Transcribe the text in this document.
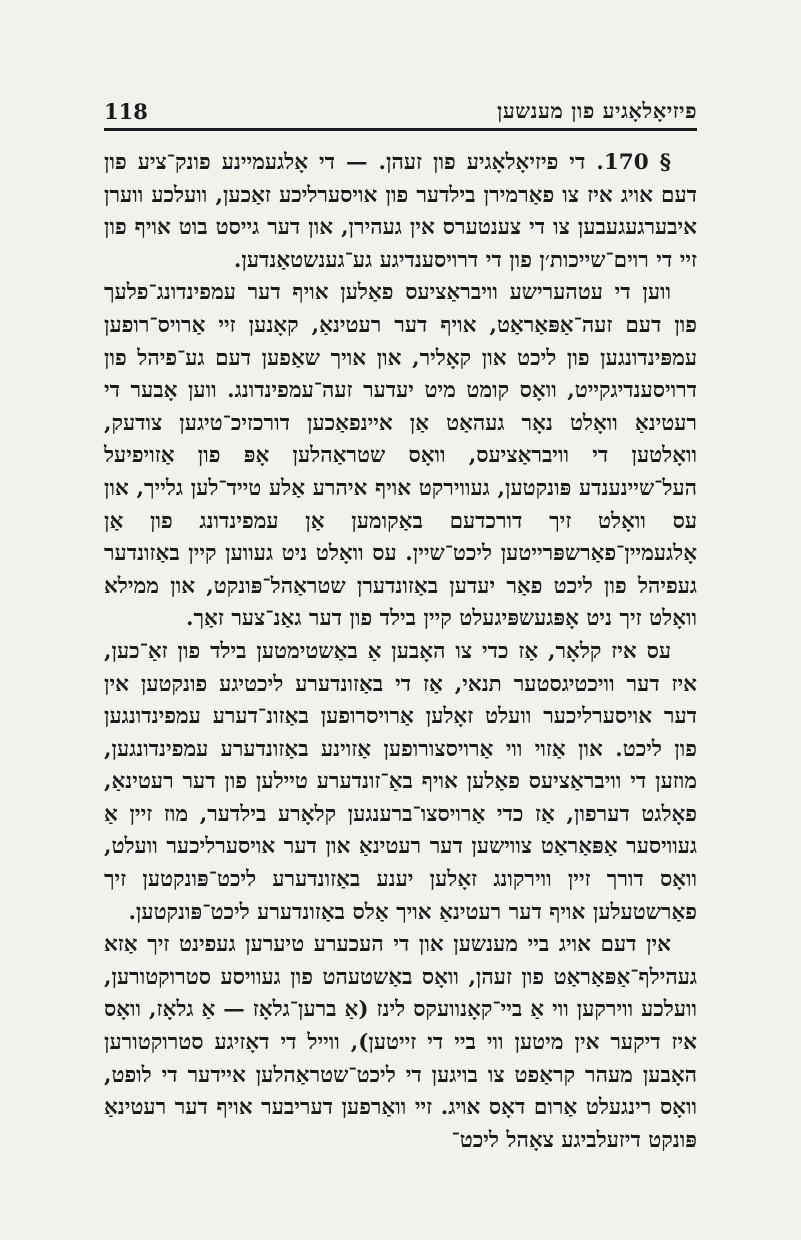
פיזיאָלאָגיע פון מענשען
118

§ 170. די פיזיאָלאָגיע פון זעהן. — די אָלגעמיינע פונק־ציע פון דעם אויג איז צו פאַרמירן בילדער פון אויסערליכע זאַכען, וועלכע ווערן איבערגעגעבען צו די צענטערס אין געהירן, און דער גייסט בוט אויף פון זיי די רוים־שייכות׳ן פון די דרויסענדיגע גע־גענשטאַנדען.

ווען די עטהערישע וויבראַציעס פאַלען אויף דער עמפינדונג־פלעך פון דעם זעה־אַפּאַראַט, אויף דער רעטינאַ, קאָנען זיי אַרויס־רופען עמפּינדונגען פון ליכט און קאָליר, און אויך שאַפען דעם גע־פיהל פון דרויסענדיגקייט, וואָס קומט מיט יעדער זעה־עמפינדונג. ווען אָבער די רעטינאַ וואָלט נאָר געהאַט אַן איינפאַכען דורכזיכ־טיגען צודעק, וואָלטען די וויבראַציעס, וואָס שטראַהלען אָפּ פון אַזויפיעל העל־שיינענדע פּונקטען, געווירקט אויף איהרע אַלע טייד־לען גלייך, און עס וואָלט זיך דורכדעם באַקומען אַן עמפינדונג פון אַן אָלגעמיין־פאַרשפּרייטען ליכט־שיין. עס וואָלט ניט געווען קיין באַזונדער געפיהל פון ליכט פאַר יעדען באַזונדערן שטראַהל־פּונקט, און ממילא וואָלט זיך ניט אָפּגעשפּיגעלט קיין בילד פון דער גאַנ־צער זאַך.

עס איז קלאָר, אַז כדי צו האָבען אַ באַשטימטען בילד פון זאַ־כען, איז דער וויכטיגסטער תנאי, אַז די באַזונדערע ליכטיגע פונקטען אין דער אויסערליכער וועלט זאָלען אַרויסרופען באַזונ־דערע עמפינדונגען פון ליכט. און אַזוי ווי אַרויסצורופען אַזוינע באַזונדערע עמפינדונגען, מוזען די וויבראַציעס פאַלען אויף באַ־זונדערע טיילען פון דער רעטינאַ, פאָלגט דערפון, אַז כדי אַרויסצו־ברענגען קלאָרע בילדער, מוז זיין אַ געוויסער אַפּאַראַט צווישען דער רעטינאַ און דער אויסערליכער וועלט, וואָס דורך זיין ווירקונג זאָלען יענע באַזונדערע ליכט־פּונקטען זיך פאַרשטעלען אויף דער רעטינאַ אויך אַלס באַזונדערע ליכט־פּונקטען.

אין דעם אויג ביי מענשען און די העכערע טיערען געפינט זיך אַזא געהילף־אַפּאַראַט פון זעהן, וואָס באַשטעהט פון געוויסע סטרוקטורען, וועלכע ווירקען ווי אַ ביי־קאָנוועקס לינז (אַ ברען־גלאָז — אַ גלאָז, וואָס איז דיקער אין מיטען ווי ביי די זייטען), ווייל די דאָזיגע סטרוקטורען האָבען מעהר קראַפט צו בויגען די ליכט־שטראַהלען איידער די לופט, וואָס רינגעלט אַרום דאָס אויג. זיי וואַרפען דעריבער אויף דער רעטינאַ פּונקט דיזעלביגע צאָהל ליכט־
